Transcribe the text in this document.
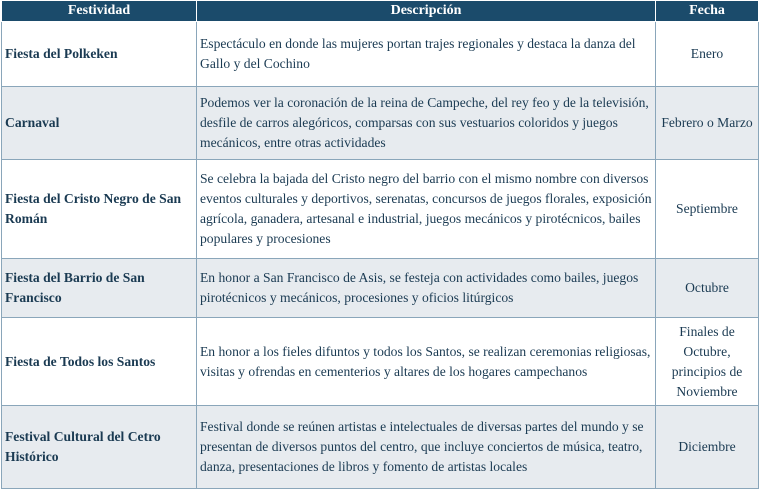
Festividad	Descripción	Fecha
Fiesta del Polkeken	Espectáculo en donde las mujeres portan trajes regionales y destaca la danza del Gallo y del Cochino	Enero
Carnaval	Podemos ver la coronación de la reina de Campeche, del rey feo y de la televisión, desfile de carros alegóricos, comparsas con sus vestuarios coloridos y juegos mecánicos, entre otras actividades	Febrero o Marzo
Fiesta del Cristo Negro de San Román	Se celebra la bajada del Cristo negro del barrio con el mismo nombre con diversos eventos culturales y deportivos, serenatas, concursos de juegos florales, exposición agrícola, ganadera, artesanal e industrial, juegos mecánicos y pirotécnicos, bailes populares y procesiones	Septiembre
Fiesta del Barrio de San Francisco	En honor a San Francisco de Asis, se festeja con actividades como bailes, juegos pirotécnicos y mecánicos, procesiones y oficios litúrgicos	Octubre
Fiesta de Todos los Santos	En honor a los fieles difuntos y todos los Santos, se realizan ceremonias religiosas, visitas y ofrendas en cementerios y altares de los hogares campechanos	Finales de Octubre, principios de Noviembre
Festival Cultural del Cetro Histórico	Festival donde se reúnen artistas e intelectuales de diversas partes del mundo y se presentan de diversos puntos del centro, que incluye conciertos de música, teatro, danza, presentaciones de libros y fomento de artistas locales	Diciembre
